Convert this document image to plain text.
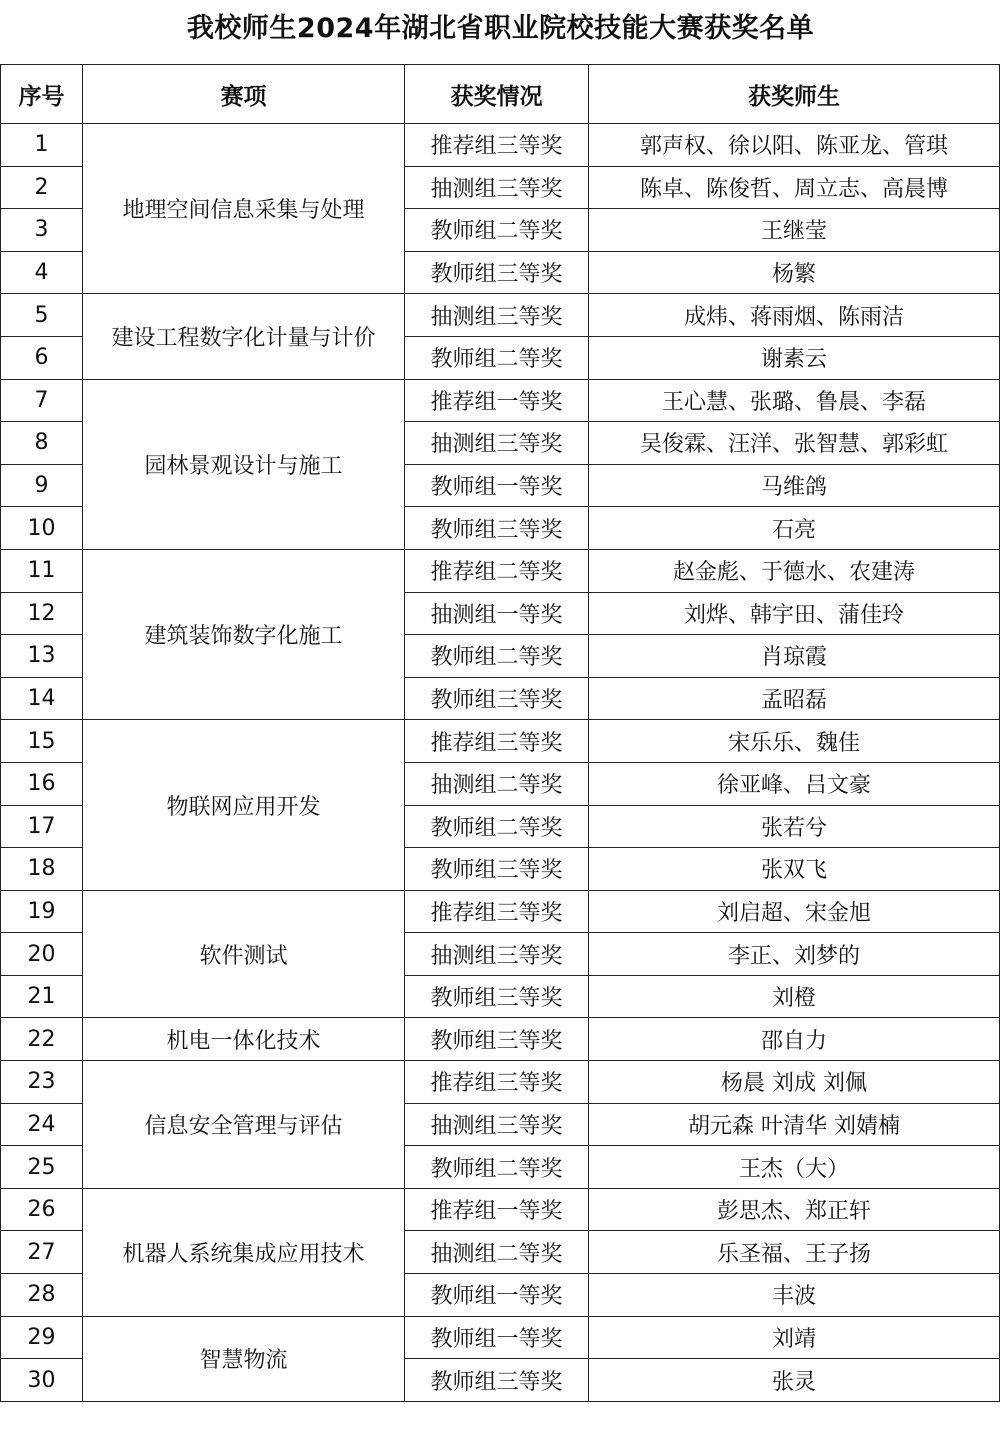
我校师生2024年湖北省职业院校技能大赛获奖名单
序号	赛项	获奖情况	获奖师生
1	地理空间信息采集与处理	推荐组三等奖	郭声权、徐以阳、陈亚龙、管琪
2		抽测组三等奖	陈卓、陈俊哲、周立志、高晨博
3		教师组二等奖	王继莹
4		教师组三等奖	杨繁
5	建设工程数字化计量与计价	抽测组三等奖	成炜、蒋雨烟、陈雨洁
6		教师组二等奖	谢素云
7	园林景观设计与施工	推荐组一等奖	王心慧、张璐、鲁晨、李磊
8		抽测组三等奖	吴俊霖、汪洋、张智慧、郭彩虹
9		教师组一等奖	马维鸽
10		教师组三等奖	石亮
11	建筑装饰数字化施工	推荐组二等奖	赵金彪、于德水、农建涛
12		抽测组一等奖	刘烨、韩宇田、蒲佳玲
13		教师组二等奖	肖琼霞
14		教师组三等奖	孟昭磊
15	物联网应用开发	推荐组三等奖	宋乐乐、魏佳
16		抽测组二等奖	徐亚峰、吕文豪
17		教师组二等奖	张若兮
18		教师组三等奖	张双飞
19	软件测试	推荐组三等奖	刘启超、宋金旭
20		抽测组三等奖	李正、刘梦的
21		教师组三等奖	刘橙
22	机电一体化技术	教师组三等奖	邵自力
23	信息安全管理与评估	推荐组三等奖	杨晨 刘成 刘佩
24		抽测组三等奖	胡元森 叶清华 刘婧楠
25		教师组二等奖	王杰（大）
26	机器人系统集成应用技术	推荐组一等奖	彭思杰、郑正轩
27		抽测组二等奖	乐圣福、王子扬
28		教师组一等奖	丰波
29	智慧物流	教师组一等奖	刘靖
30		教师组三等奖	张灵
